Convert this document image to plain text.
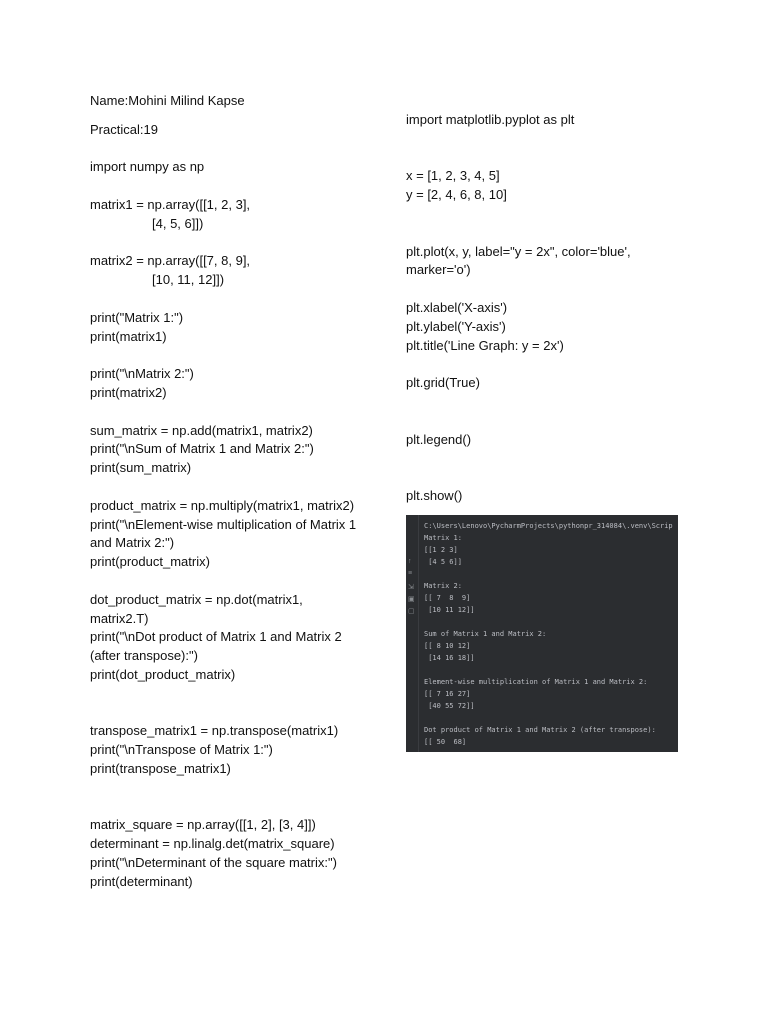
Name:Mohini Milind Kapse
Practical:19
import numpy as np
matrix1 = np.array([[1, 2, 3],
[4, 5, 6]])
matrix2 = np.array([[7, 8, 9],
[10, 11, 12]])
print("Matrix 1:")
print(matrix1)
print("\nMatrix 2:")
print(matrix2)
sum_matrix = np.add(matrix1, matrix2)
print("\nSum of Matrix 1 and Matrix 2:")
print(sum_matrix)
product_matrix = np.multiply(matrix1, matrix2)
print("\nElement-wise multiplication of Matrix 1
and Matrix 2:")
print(product_matrix)
dot_product_matrix = np.dot(matrix1,
matrix2.T)
print("\nDot product of Matrix 1 and Matrix 2
(after transpose):")
print(dot_product_matrix)
transpose_matrix1 = np.transpose(matrix1)
print("\nTranspose of Matrix 1:")
print(transpose_matrix1)
matrix_square = np.array([[1, 2], [3, 4]])
determinant = np.linalg.det(matrix_square)
print("\nDeterminant of the square matrix:")
print(determinant)
import matplotlib.pyplot as plt
x = [1, 2, 3, 4, 5]
y = [2, 4, 6, 8, 10]
plt.plot(x, y, label="y = 2x", color='blue',
marker='o')
plt.xlabel('X-axis')
plt.ylabel('Y-axis')
plt.title('Line Graph: y = 2x')
plt.grid(True)
plt.legend()
plt.show()
↑
≡
⇲
▣
▢
C:\Users\Lenovo\PycharmProjects\pythonpr_314084\.venv\Scrip
Matrix 1:
[[1 2 3]
[4 5 6]]
Matrix 2:
[[ 7  8  9]
[10 11 12]]
Sum of Matrix 1 and Matrix 2:
[[ 8 10 12]
[14 16 18]]
Element-wise multiplication of Matrix 1 and Matrix 2:
[[ 7 16 27]
[40 55 72]]
Dot product of Matrix 1 and Matrix 2 (after transpose):
[[ 50  68]
